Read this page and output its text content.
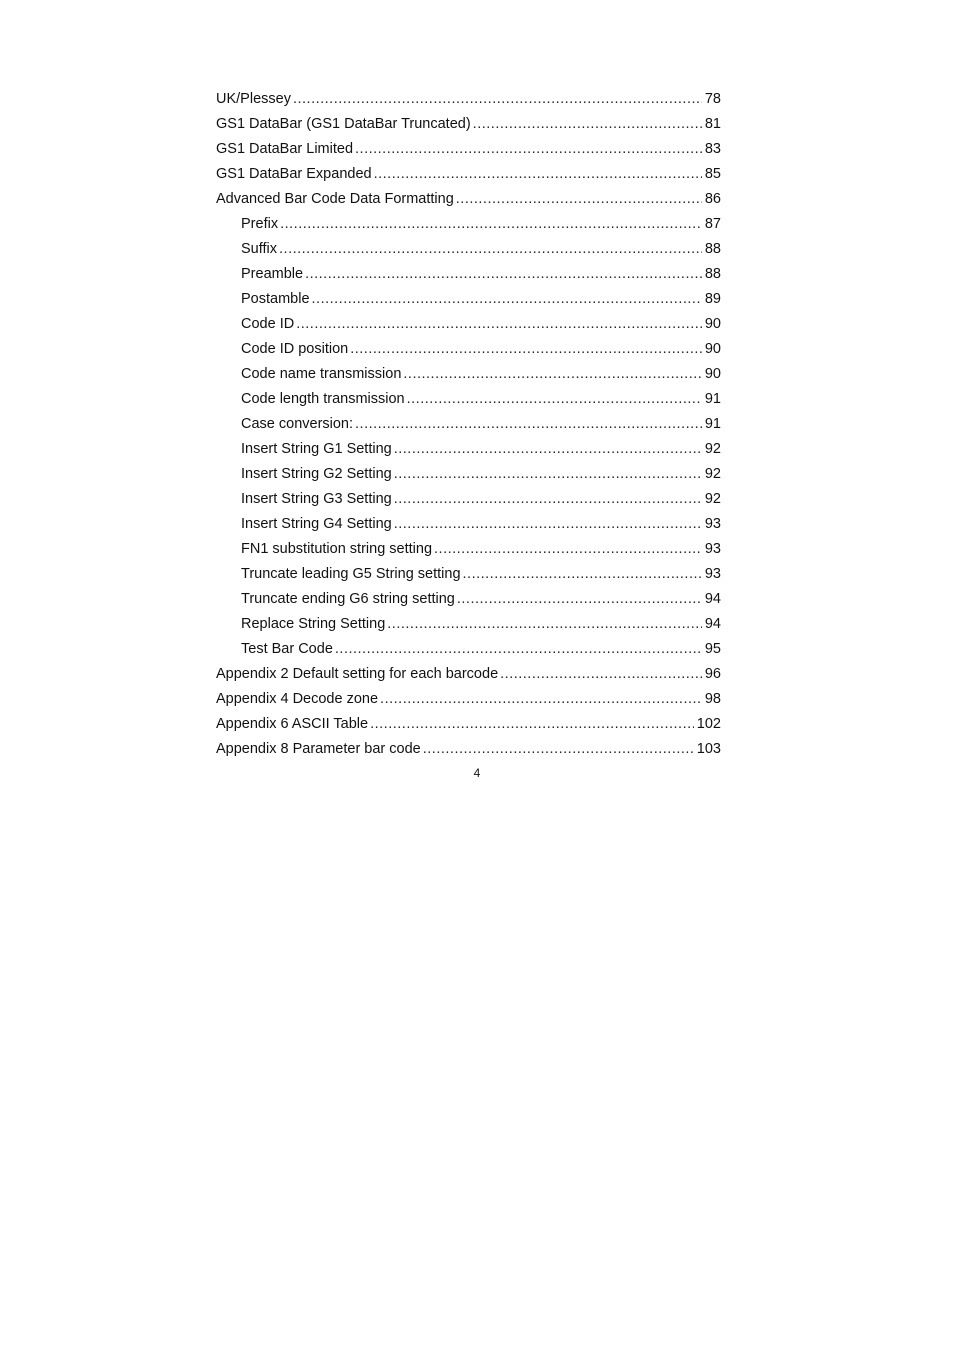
UK/Plessey .....	78
GS1 DataBar (GS1 DataBar Truncated) .....	81
GS1 DataBar Limited .....	83
GS1 DataBar Expanded .....	85
Advanced Bar Code Data Formatting .....	86
Prefix .....	87
Suffix .....	88
Preamble .....	88
Postamble .....	89
Code ID .....	90
Code ID position .....	90
Code name transmission .....	90
Code length transmission .....	91
Case conversion: .....	91
Insert String G1 Setting .....	92
Insert String G2 Setting .....	92
Insert String G3 Setting .....	92
Insert String G4 Setting .....	93
FN1 substitution string setting .....	93
Truncate leading G5 String setting .....	93
Truncate ending G6 string setting .....	94
Replace String Setting .....	94
Test Bar Code .....	95
Appendix 2 Default setting for each barcode .....	96
Appendix 4 Decode zone .....	98
Appendix 6 ASCII Table .....	102
Appendix 8 Parameter bar code .....	103
4
